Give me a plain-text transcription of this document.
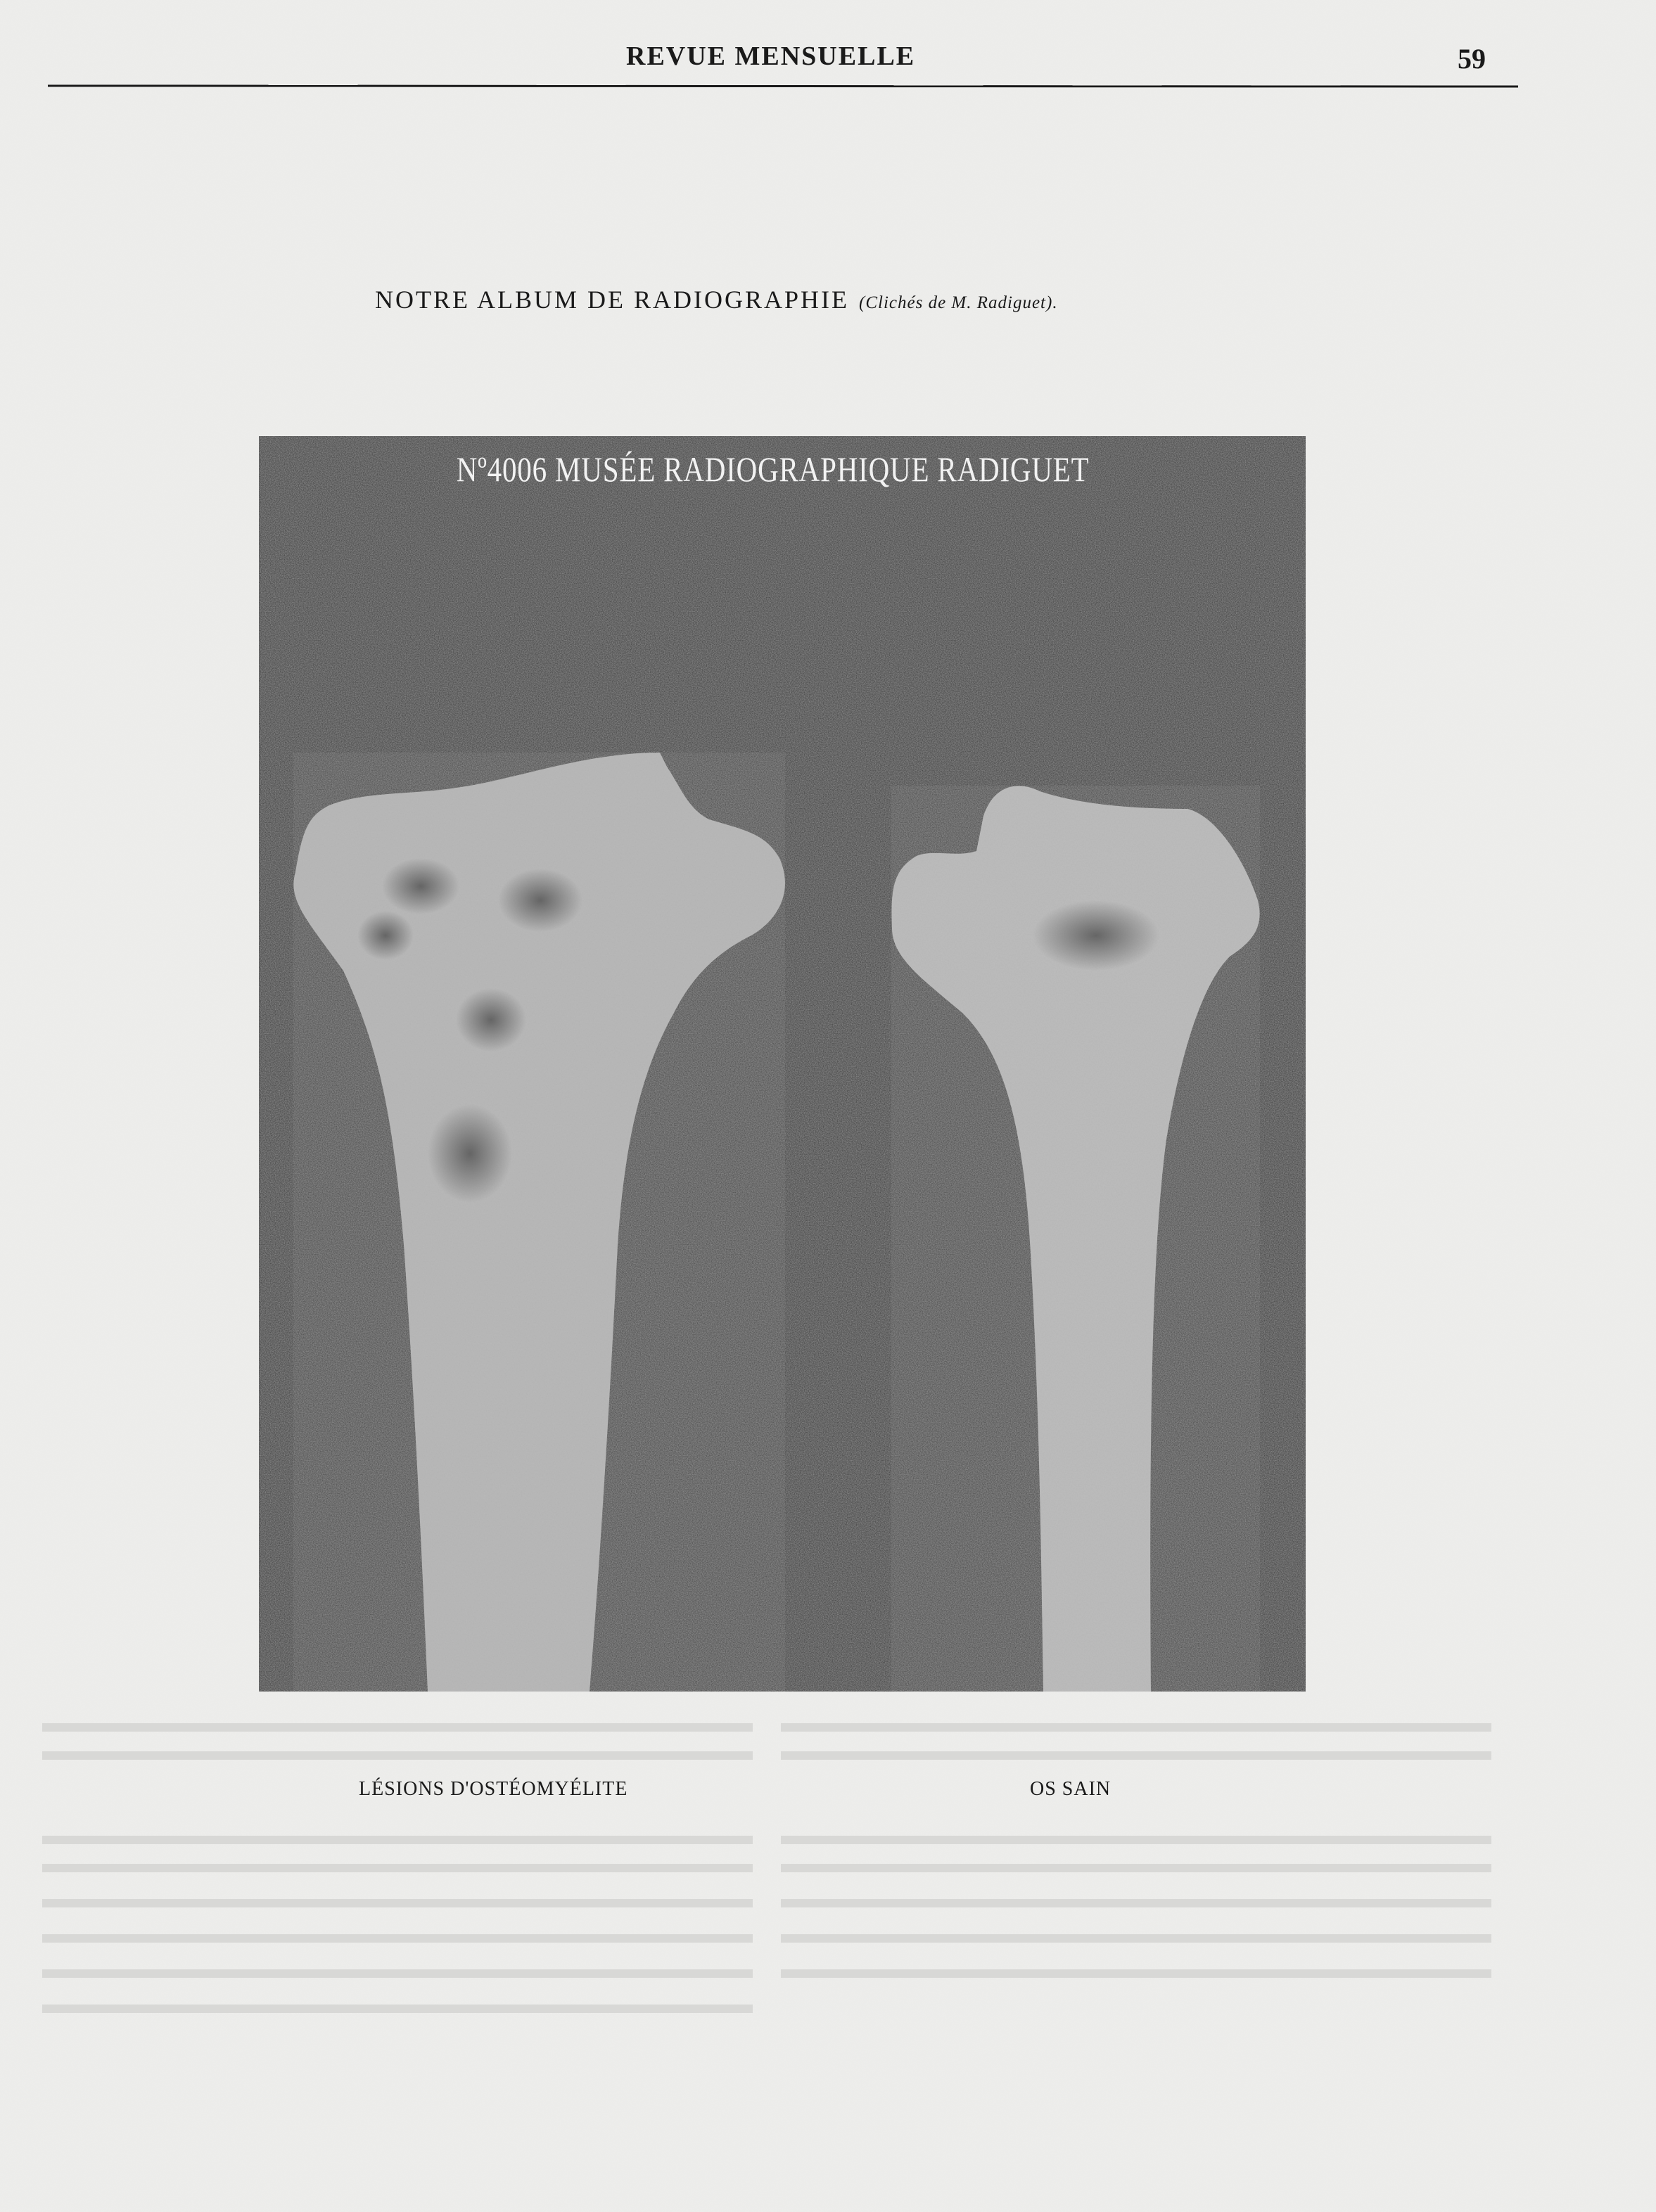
REVUE MENSUELLE	59
NOTRE ALBUM DE RADIOGRAPHIE (Clichés de M. Radiguet).
Nº4006 MUSÉE RADIOGRAPHIQUE RADIGUET
LÉSIONS D'OSTÉOMYÉLITE	OS SAIN
